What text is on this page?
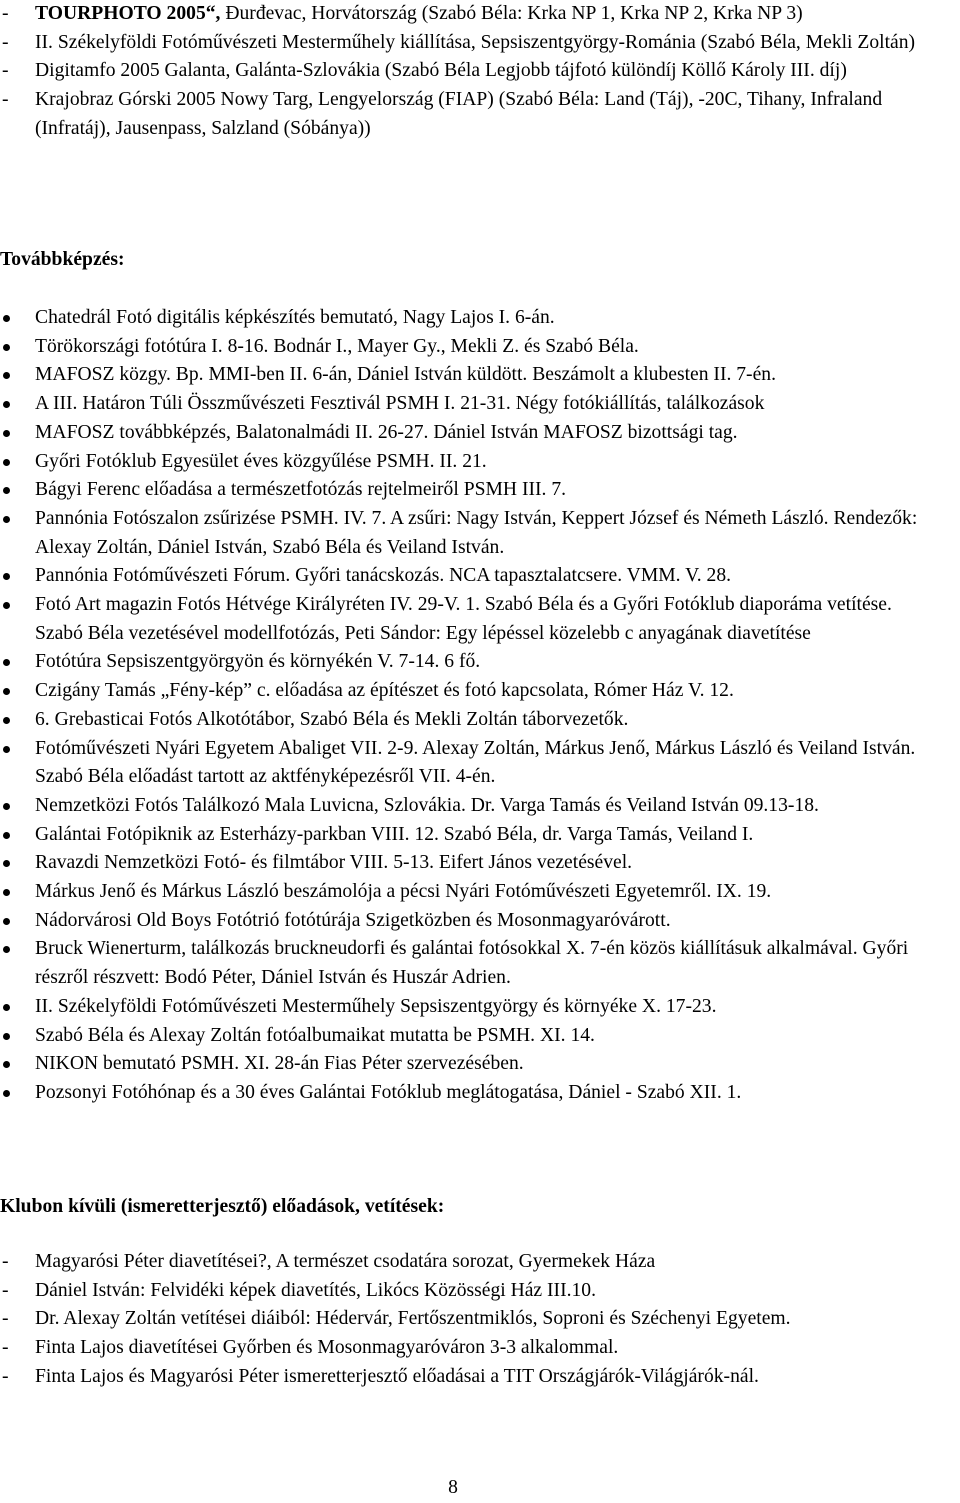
- TOURPHOTO 2005“, Đurđevac, Horvátország (Szabó Béla: Krka NP 1, Krka NP 2, Krka NP 3)
- II. Székelyföldi Fotóművészeti Mesterműhely kiállítása, Sepsiszentgyörgy-Románia (Szabó Béla, Mekli Zoltán)
- Digitamfo 2005 Galanta, Galánta-Szlovákia (Szabó Béla Legjobb tájfotó különdíj Köllő Károly III. díj)
- Krajobraz Górski 2005 Nowy Targ, Lengyelország (FIAP) (Szabó Béla: Land (Táj), -20C, Tihany, Infraland (Infratáj), Jausenpass, Salzland (Sóbánya))
Továbbképzés:
Chatedrál Fotó digitális képkészítés bemutató, Nagy Lajos I. 6-án.
Törökországi fotótúra I. 8-16. Bodnár I., Mayer Gy., Mekli Z. és Szabó Béla.
MAFOSZ közgy. Bp. MMI-ben II. 6-án, Dániel István küldött. Beszámolt a klubesten II. 7-én.
A III. Határon Túli Összművészeti Fesztivál PSMH I. 21-31. Négy fotókiállítás, találkozások
MAFOSZ továbbképzés, Balatonalmádi II. 26-27. Dániel István MAFOSZ bizottsági tag.
Győri Fotóklub Egyesület éves közgyűlése PSMH. II. 21.
Bágyi Ferenc előadása a természetfotózás rejtelmeiről PSMH III. 7.
Pannónia Fotószalon zsűrizése PSMH. IV. 7. A zsűri: Nagy István, Keppert József és Németh László. Rendezők: Alexay Zoltán, Dániel István, Szabó Béla és Veiland István.
Pannónia Fotóművészeti Fórum. Győri tanácskozás. NCA tapasztalatcsere. VMM. V. 28.
Fotó Art magazin Fotós Hétvége Királyréten IV. 29-V. 1. Szabó Béla és a Győri Fotóklub diaporáma vetítése. Szabó Béla vezetésével modellfotózás, Peti Sándor: Egy lépéssel közelebb c anyagának diavetítése
Fotótúra Sepsiszentgyörgyön és környékén V. 7-14. 6 fő.
Czigány Tamás „Fény-kép” c. előadása az építészet és fotó kapcsolata, Rómer Ház V. 12.
6. Grebasticai Fotós Alkotótábor, Szabó Béla és Mekli Zoltán táborvezetők.
Fotóművészeti Nyári Egyetem Abaliget VII. 2-9. Alexay Zoltán, Márkus Jenő, Márkus László és Veiland István. Szabó Béla előadást tartott az aktfényképezésről VII. 4-én.
Nemzetközi Fotós Találkozó Mala Luvicna, Szlovákia. Dr. Varga Tamás és Veiland István 09.13-18.
Galántai Fotópiknik az Esterházy-parkban VIII. 12. Szabó Béla, dr. Varga Tamás, Veiland I.
Ravazdi Nemzetközi Fotó- és filmtábor VIII. 5-13. Eifert János vezetésével.
Márkus Jenő és Márkus László beszámolója a pécsi Nyári Fotóművészeti Egyetemről. IX. 19.
Nádorvárosi Old Boys Fotótrió fotótúrája Szigetközben és Mosonmagyaróvárott.
Bruck Wienerturm, találkozás bruckneudorfi és galántai fotósokkal X. 7-én közös kiállításuk alkalmával. Győri részről részvett: Bodó Péter, Dániel István és Huszár Adrien.
II. Székelyföldi Fotóművészeti Mesterműhely Sepsiszentgyörgy és környéke X. 17-23.
Szabó Béla és Alexay Zoltán fotóalbumaikat mutatta be PSMH. XI. 14.
NIKON bemutató PSMH. XI. 28-án Fias Péter szervezésében.
Pozsonyi Fotóhónap és a 30 éves Galántai Fotóklub meglátogatása, Dániel - Szabó XII. 1.
Klubon kívüli (ismeretterjesztő) előadások, vetítések:
- Magyarósi Péter diavetítései?, A természet csodatára sorozat, Gyermekek Háza
- Dániel István: Felvidéki képek diavetítés, Likócs Közösségi Ház III.10.
- Dr. Alexay Zoltán vetítései diáiból: Hédervár, Fertőszentmiklós, Soproni és Széchenyi Egyetem.
- Finta Lajos diavetítései Győrben és Mosonmagyaróváron 3-3 alkalommal.
- Finta Lajos és Magyarósi Péter ismeretterjesztő előadásai a TIT Országjárók-Világjárók-nál.
8
